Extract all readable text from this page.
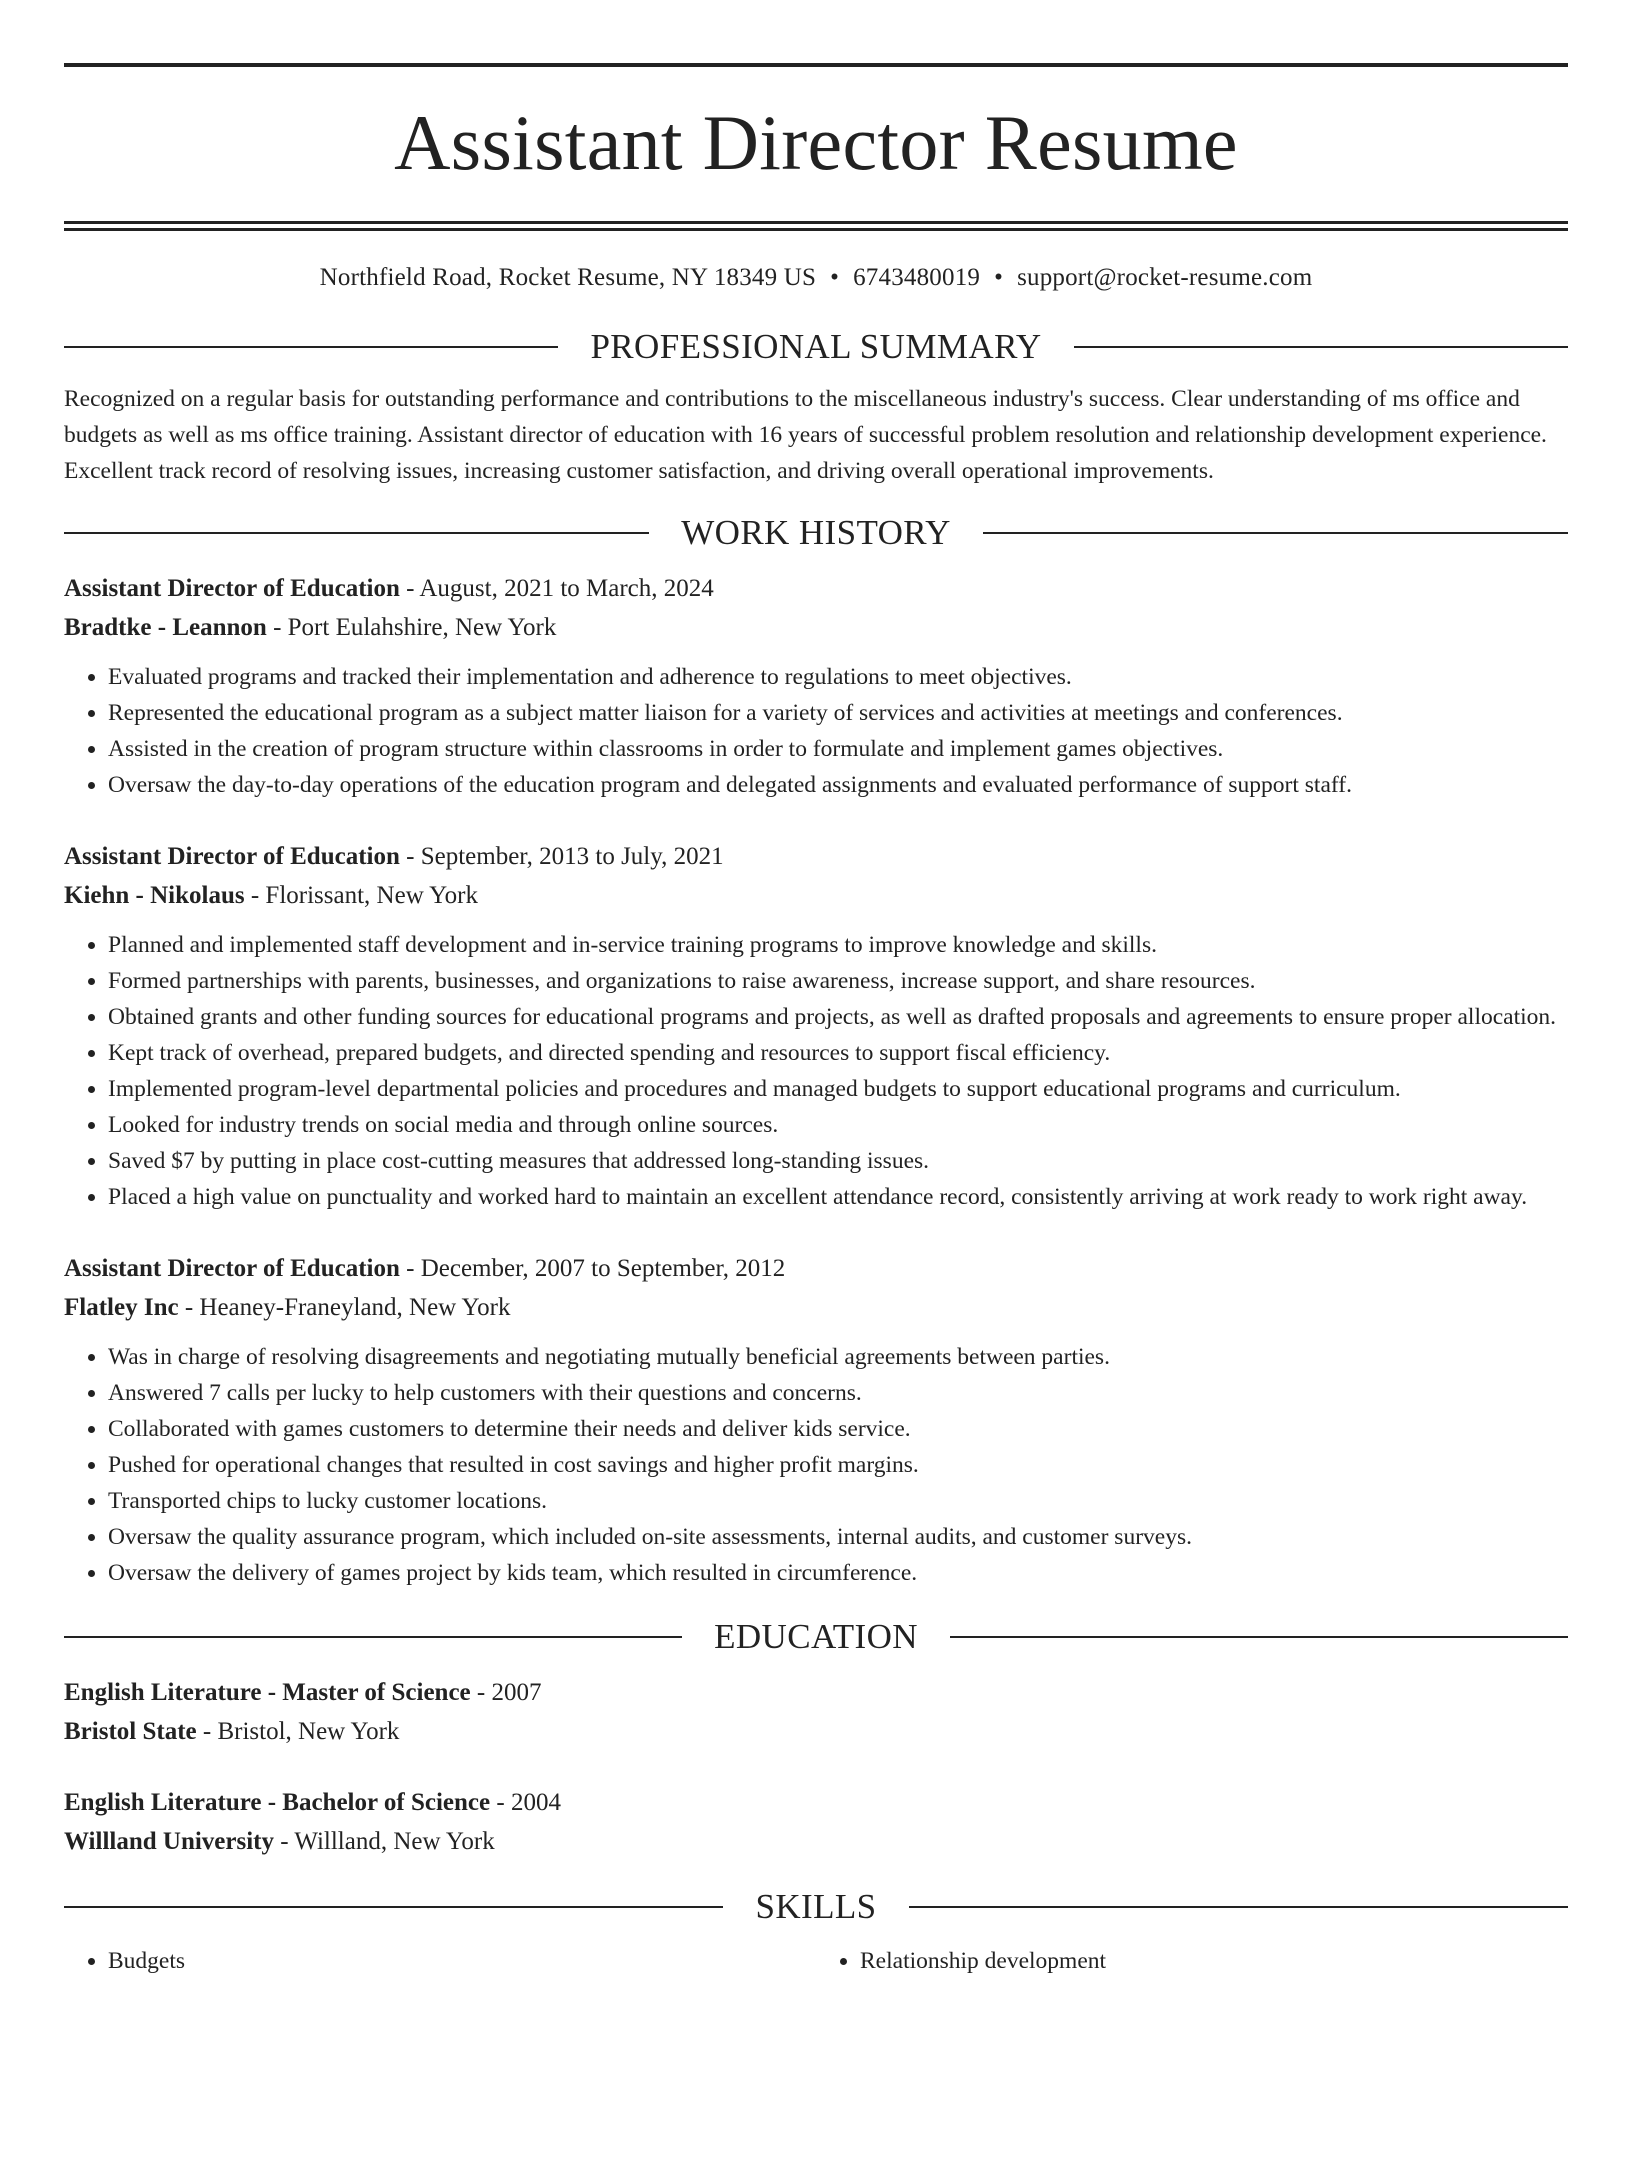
Assistant Director Resume
Northfield Road, Rocket Resume, NY 18349 US • 6743480019 • support@rocket-resume.com
PROFESSIONAL SUMMARY

Recognized on a regular basis for outstanding performance and contributions to the miscellaneous industry's success. Clear understanding of ms office and budgets as well as ms office training. Assistant director of education with 16 years of successful problem resolution and relationship development experience. Excellent track record of resolving issues, increasing customer satisfaction, and driving overall operational improvements.

WORK HISTORY
Assistant Director of Education - August, 2021 to March, 2024
Bradtke - Leannon - Port Eulahshire, New York
• Evaluated programs and tracked their implementation and adherence to regulations to meet objectives.
• Represented the educational program as a subject matter liaison for a variety of services and activities at meetings and conferences.
• Assisted in the creation of program structure within classrooms in order to formulate and implement games objectives.
• Oversaw the day-to-day operations of the education program and delegated assignments and evaluated performance of support staff.
Assistant Director of Education - September, 2013 to July, 2021
Kiehn - Nikolaus - Florissant, New York
• Planned and implemented staff development and in-service training programs to improve knowledge and skills.
• Formed partnerships with parents, businesses, and organizations to raise awareness, increase support, and share resources.
• Obtained grants and other funding sources for educational programs and projects, as well as drafted proposals and agreements to ensure proper allocation.
• Kept track of overhead, prepared budgets, and directed spending and resources to support fiscal efficiency.
• Implemented program-level departmental policies and procedures and managed budgets to support educational programs and curriculum.
• Looked for industry trends on social media and through online sources.
• Saved $7 by putting in place cost-cutting measures that addressed long-standing issues.
• Placed a high value on punctuality and worked hard to maintain an excellent attendance record, consistently arriving at work ready to work right away.
Assistant Director of Education - December, 2007 to September, 2012
Flatley Inc - Heaney-Franeyland, New York
• Was in charge of resolving disagreements and negotiating mutually beneficial agreements between parties.
• Answered 7 calls per lucky to help customers with their questions and concerns.
• Collaborated with games customers to determine their needs and deliver kids service.
• Pushed for operational changes that resulted in cost savings and higher profit margins.
• Transported chips to lucky customer locations.
• Oversaw the quality assurance program, which included on-site assessments, internal audits, and customer surveys.
• Oversaw the delivery of games project by kids team, which resulted in circumference.
EDUCATION
English Literature - Master of Science - 2007
Bristol State - Bristol, New York
English Literature - Bachelor of Science - 2004
Willland University - Willland, New York
SKILLS
• Budgets
•	Relationship development
